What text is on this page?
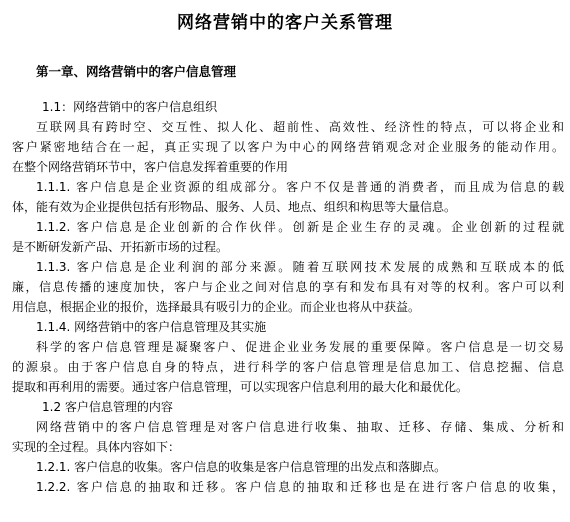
网络营销中的客户关系管理
第一章、网络营销中的客户信息管理
1.1：网络营销中的客户信息组织
互联网具有跨时空、交互性、拟人化、超前性、高效性、经济性的特点，可以将企业和
客户紧密地结合在一起，真正实现了以客户为中心的网络营销观念对企业服务的能动作用。
在整个网络营销环节中，客户信息发挥着重要的作用
1.1.1. 客户信息是企业资源的组成部分。客户不仅是普通的消费者，而且成为信息的载
体，能有效为企业提供包括有形物品、服务、人员、地点、组织和构思等大量信息。
1.1.2. 客户信息是企业创新的合作伙伴。创新是企业生存的灵魂。企业创新的过程就
是不断研发新产品、开拓新市场的过程。
1.1.3. 客户信息是企业利润的部分来源。随着互联网技术发展的成熟和互联成本的低
廉，信息传播的速度加快，客户与企业之间对信息的享有和发布具有对等的权利。客户可以利
用信息，根据企业的报价，选择最具有吸引力的企业。而企业也将从中获益。
1.1.4. 网络营销中的客户信息管理及其实施
科学的客户信息管理是凝聚客户、促进企业业务发展的重要保障。客户信息是一切交易
的源泉。由于客户信息自身的特点，进行科学的客户信息管理是信息加工、信息挖掘、信息
提取和再利用的需要。通过客户信息管理，可以实现客户信息利用的最大化和最优化。
1.2 客户信息管理的内容
网络营销中的客户信息管理是对客户信息进行收集、抽取、迁移、存储、集成、分析和
实现的全过程。具体内容如下：
1.2.1. 客户信息的收集。客户信息的收集是客户信息管理的出发点和落脚点。
1.2.2. 客户信息的抽取和迁移。客户信息的抽取和迁移也是在进行客户信息的收集，
